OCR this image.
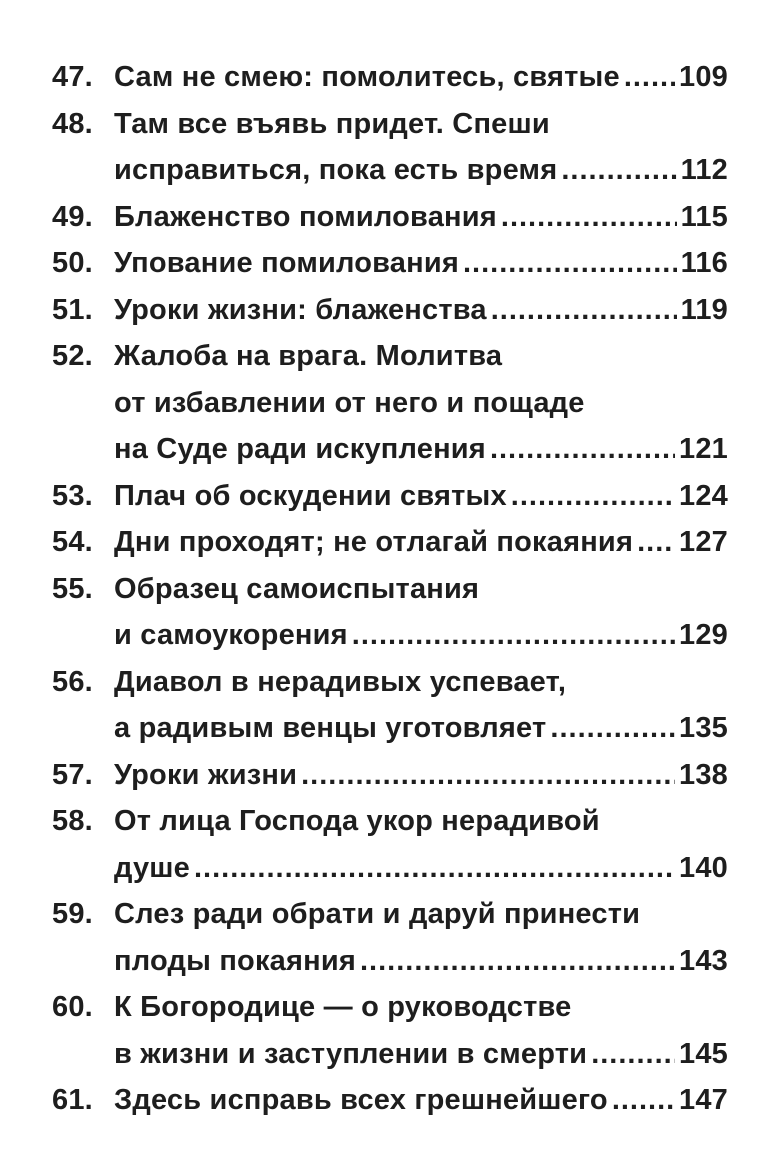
47. Сам не смею: помолитесь, святые ..... 109
48. Там все въявь придет. Спеши
исправиться, пока есть время .....	112
49. Блаженство помилования .....	115
50. Упование помилования .....	116
51. Уроки жизни: блаженства .....	119
52. Жалоба на врага. Молитва
от избавлении от него и пощаде
на Суде ради искупления .....	121
53. Плач об оскудении святых .....	124
54. Дни проходят; не отлагай покаяния ..... 127
55. Образец самоиспытания
и самоукорения .....	129
56. Диавол в нерадивых успевает,
а радивым венцы уготовляет .....	135
57. Уроки жизни .....	138
58. От лица Господа укор нерадивой
душе .....	140
59. Слез ради обрати и даруй принести
плоды покаяния .....	143
60. К Богородице — о руководстве
в жизни и заступлении в смерти .....	145
61. Здесь исправь всех грешнейшего ..... 147
